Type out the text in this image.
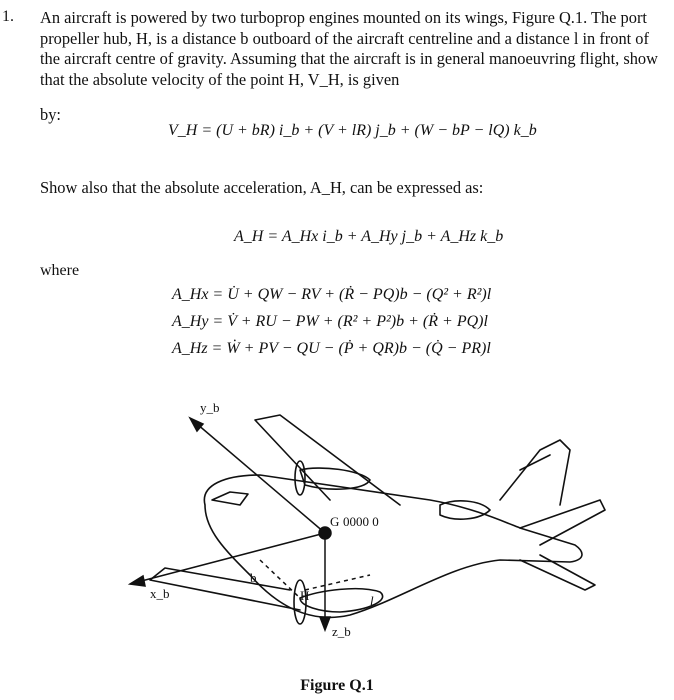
1. An aircraft is powered by two turboprop engines mounted on its wings, Figure Q.1. The port propeller hub, H, is a distance b outboard of the aircraft centreline and a distance l in front of the aircraft centre of gravity. Assuming that the aircraft is in general manoeuvring flight, show that the absolute velocity of the point H, V_H, is given

by:
V_H = (U + bR) i_b + (V + lR) j_b + (W − bP − lQ) k_b
Show also that the absolute acceleration, A_H, can be expressed as:
A_H = A_Hx i_b + A_Hy j_b + A_Hz k_b
where
A_Hx = U̇ + QW − RV + (Ṙ − PQ)b − (Q² + R²)l
A_Hy = V̇ + RU − PW + (R² + P²)b + (Ṙ + PQ)l
A_Hz = Ẇ + PV − QU − (Ṗ + QR)b − (Q̇ − PR)l
y_b
x_b
z_b
G
H
b
l
0000 0
Figure Q.1
